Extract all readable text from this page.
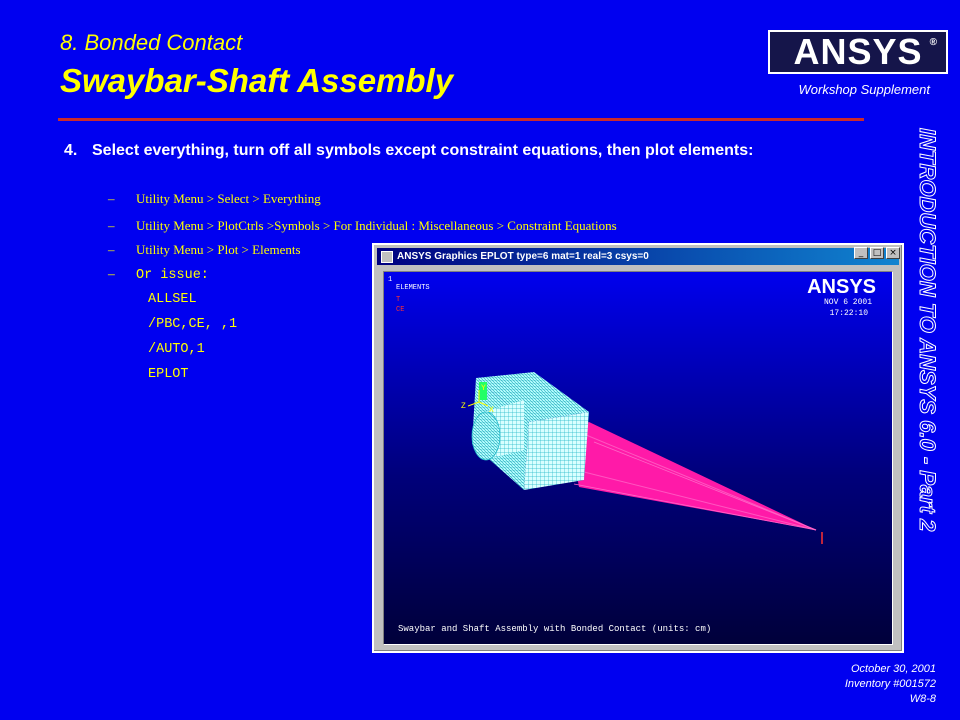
8. Bonded Contact
Swaybar-Shaft Assembly
ANSYS ®
Workshop Supplement
INTRODUCTION TO ANSYS 6.0 - Part 2
4. Select everything, turn off all symbols except constraint equations, then plot elements:
– Utility Menu > Select > Everything
– Utility Menu > PlotCtrls >Symbols > For Individual : Miscellaneous > Constraint Equations
– Utility Menu > Plot > Elements
– Or issue:
ALLSEL
/PBC,CE, ,1
/AUTO,1
EPLOT
ANSYS Graphics EPLOT type=6 mat=1 real=3 csys=0	_	□ ×
1
ELEMENTS
T
CE
ANSYS
NOV 6 2001
17:22:10
Y
Z	X
Swaybar and Shaft Assembly with Bonded Contact (units: cm)
October 30, 2001
Inventory #001572
W8-8
